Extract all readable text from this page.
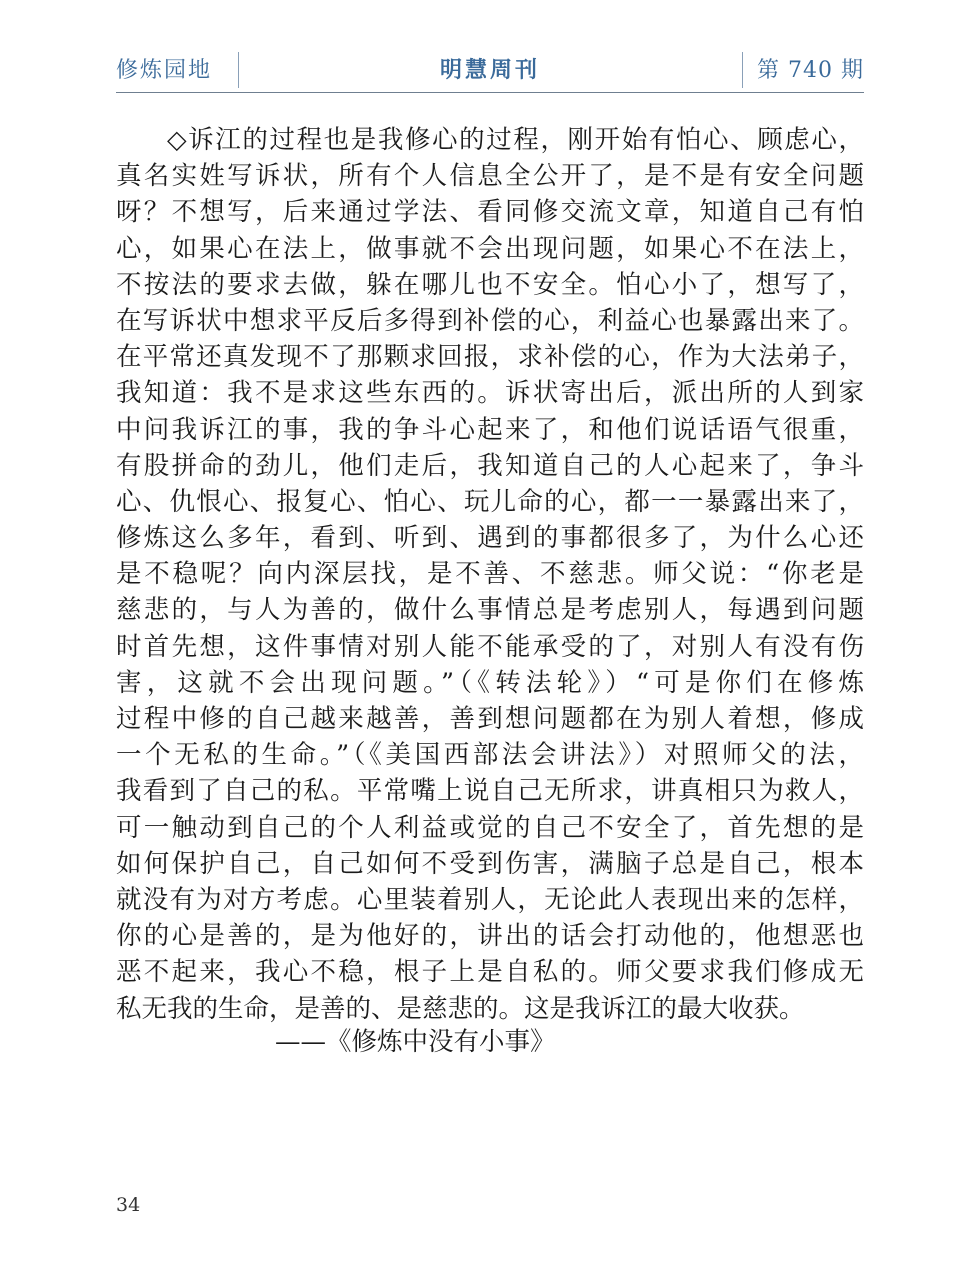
修炼园地	明慧周刊	第 740 期
◇诉江的过程也是我修心的过程，刚开始有怕心、顾虑心，
真名实姓写诉状，所有个人信息全公开了，是不是有安全问题
呀？不想写，后来通过学法、看同修交流文章，知道自己有怕
心，如果心在法上，做事就不会出现问题，如果心不在法上，
不按法的要求去做，躲在哪儿也不安全。怕心小了，想写了，
在写诉状中想求平反后多得到补偿的心，利益心也暴露出来了。
在平常还真发现不了那颗求回报，求补偿的心，作为大法弟子，
我知道：我不是求这些东西的。诉状寄出后，派出所的人到家
中问我诉江的事，我的争斗心起来了，和他们说话语气很重，
有股拼命的劲儿，他们走后，我知道自己的人心起来了，争斗
心、仇恨心、报复心、怕心、玩儿命的心，都一一暴露出来了，
修炼这么多年，看到、听到、遇到的事都很多了，为什么心还
是不稳呢？向内深层找，是不善、不慈悲。师父说：“你老是
慈悲的，与人为善的，做什么事情总是考虑别人，每遇到问题
时首先想，这件事情对别人能不能承受的了，对别人有没有伤
害，这就不会出现问题。”（《转法轮》）“可是你们在修炼
过程中修的自己越来越善，善到想问题都在为别人着想，修成
一个无私的生命。”（《美国西部法会讲法》）对照师父的法，
我看到了自己的私。平常嘴上说自己无所求，讲真相只为救人，
可一触动到自己的个人利益或觉的自己不安全了，首先想的是
如何保护自己，自己如何不受到伤害，满脑子总是自己，根本
就没有为对方考虑。心里装着别人，无论此人表现出来的怎样，
你的心是善的，是为他好的，讲出的话会打动他的，他想恶也
恶不起来，我心不稳，根子上是自私的。师父要求我们修成无
私无我的生命，是善的、是慈悲的。这是我诉江的最大收获。
——《修炼中没有小事》
34
